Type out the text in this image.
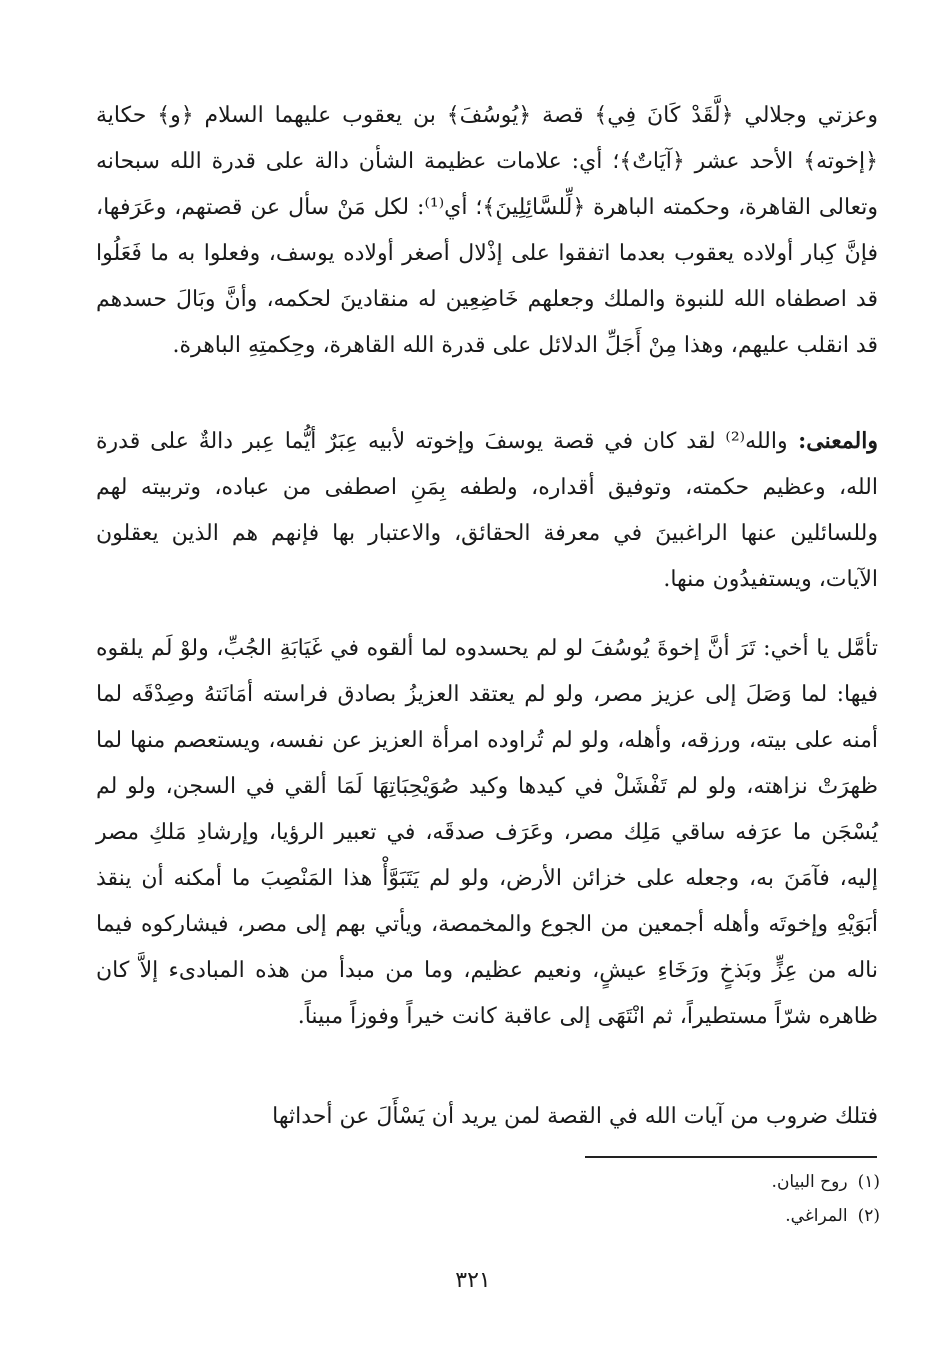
وعزتي وجلالي ﴿لَّقَدْ كَانَ فِي﴾ قصة ﴿يُوسُفَ﴾ بن يعقوب عليهما السلام ﴿و﴾ حكاية ﴿إخوته﴾ الأحد عشر ﴿آيَاتٌ﴾؛ أي: علامات عظيمة الشأن دالة على قدرة الله سبحانه وتعالى القاهرة، وحكمته الباهرة ﴿لِّلسَّائِلِينَ﴾؛ أي⁽¹⁾: لكل مَنْ سأل عن قصتهم، وعَرَفها، فإنَّ كِبار أولاده يعقوب بعدما اتفقوا على إذْلال أصغر أولاده يوسف، وفعلوا به ما فَعَلُوا قد اصطفاه الله للنبوة والملك وجعلهم خَاضِعِين له منقادينَ لحكمه، وأنَّ وبَالَ حسدهم قد انقلب عليهم، وهذا مِنْ أَجَلِّ الدلائل على قدرة الله القاهرة، وحِكمتِهِ الباهرة.

والمعنى: والله⁽²⁾ لقد كان في قصة يوسفَ وإخوته لأبيه عِبَرٌ أيُّما عِبر دالةٌ على قدرة الله، وعظيم حكمته، وتوفيق أقداره، ولطفه بِمَنِ اصطفى من عباده، وتربيته لهم وللسائلين عنها الراغبينَ في معرفة الحقائق، والاعتبار بها فإنهم هم الذين يعقلون الآيات، ويستفيدُون منها.

تأمَّل يا أخي: تَرَ أنَّ إخوةَ يُوسُفَ لو لم يحسدوه لما ألقوه في غَيَابَةِ الجُبِّ، ولوْ لَم يلقوه فيها: لما وَصَلَ إلى عزيز مصر، ولو لم يعتقد العزيزُ بصادق فراسته أمَانَتهُ وصِدْقَه لما أمنه على بيته، ورزقه، وأهله، ولو لم تُراوده امرأة العزيز عن نفسه، ويستعصم منها لما ظهرَتْ نزاهته، ولو لم تَفْشَلْ في كيدها وكيد صُوَيْحِبَاتِهَا لَمَا ألقي في السجن، ولو لم يُسْجَن ما عرَفه ساقي مَلِك مصر، وعَرَف صدقَه، في تعبير الرؤيا، وإرشادِ مَلكِ مصر إليه، فآمَنَ به، وجعله على خزائن الأرض، ولو لم يَتَبَوَّأْ هذا المَنْصِبَ ما أمكنه أن ينقذ أبَوَيْهِ وإخوتَه وأهله أجمعين من الجوع والمخمصة، ويأتي بهم إلى مصر، فيشاركوه فيما ناله من عِزٍّ وبَذخٍ ورَخَاءِ عيشٍ، ونعيم عظيم، وما من مبدأ من هذه المبادىء إلاَّ كان ظاهره شرّاً مستطيراً، ثم انْتَهَى إلى عاقبة كانت خيراً وفوزاً مبيناً.

فتلك ضروب من آيات الله في القصة لمن يريد أن يَسْأَلَ عن أحداثها

(١)روح البيان.
(٢)المراغي.
٣٢١
